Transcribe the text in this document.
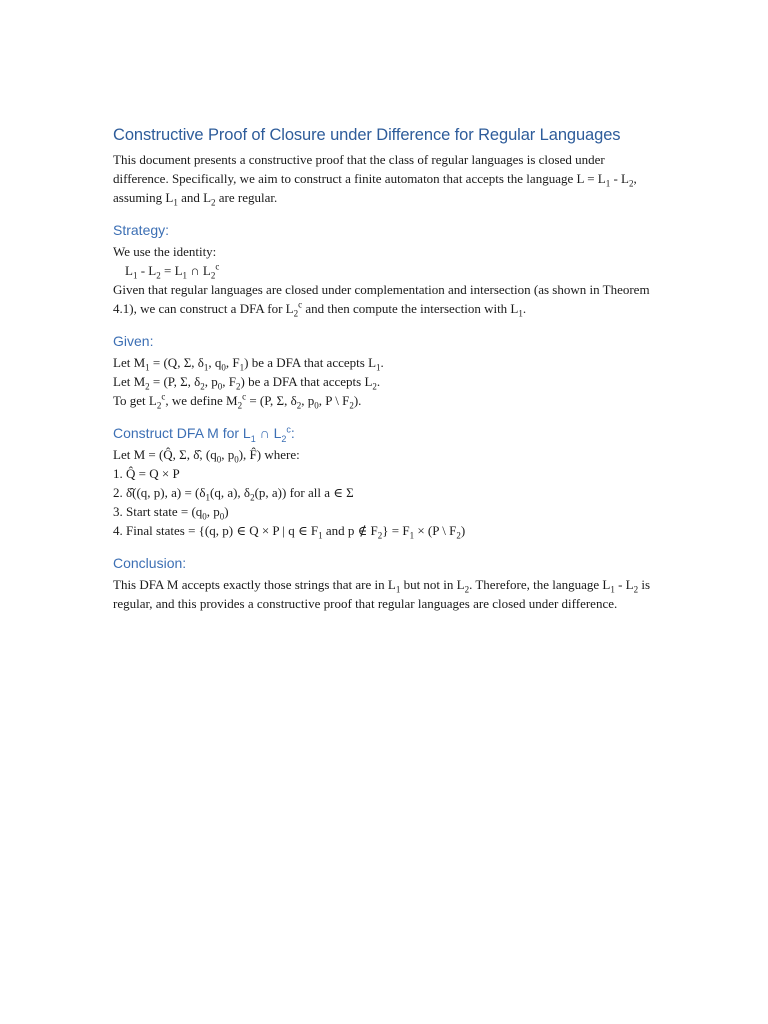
Constructive Proof of Closure under Difference for Regular Languages

This document presents a constructive proof that the class of regular languages is closed under difference. Specifically, we aim to construct a finite automaton that accepts the language $L = L_1 - L_2$, assuming $L_1$ and $L_2$ are regular.

Strategy:
We use the identity:
$L_1 - L_2 = L_1$ ∩ $L_2^c$
Given that regular languages are closed under complementation and intersection (as shown in Theorem 4.1), we can construct a DFA for $L_2^c$ and then compute the intersection with $L_1$.
Given:
Let $M_1 = (Q$, Σ, $\delta_1$, $q_0$, $F_1$) be a DFA that accepts $L_1$.
Let $M_2 = (P$, Σ, $\delta_2$, $p_0$, $F_2$) be a DFA that accepts $L_2$.
To get $L_2^c$, we define $M_2^c = (P$, Σ, $\delta_2$, $p_0$, P \ $F_2$).
Construct DFA M for $L_1$ ∩ $L_2^c$:
Let M = (Q̂, Σ, δ̂, ($q_0$, $p_0$), F̂) where:
1. Q̂ = Q × P
2. δ̂((q, p), $a) = (\delta_1(q$, a), $\delta_2(p$, a)) for all a ∈ Σ
3. Start state = ($q_0$, $p_0$)
4. Final states = {(q, p) ∈ Q × P | q ∈ $F_1$ and p ∉ $F_2\} = F_1 \times (P$ \ $F_2$)
Conclusion:

This DFA M accepts exactly those strings that are in $L_1$ but not in $L_2$. Therefore, the language $L_1 - L_2$ is regular, and this provides a constructive proof that regular languages are closed under difference.
